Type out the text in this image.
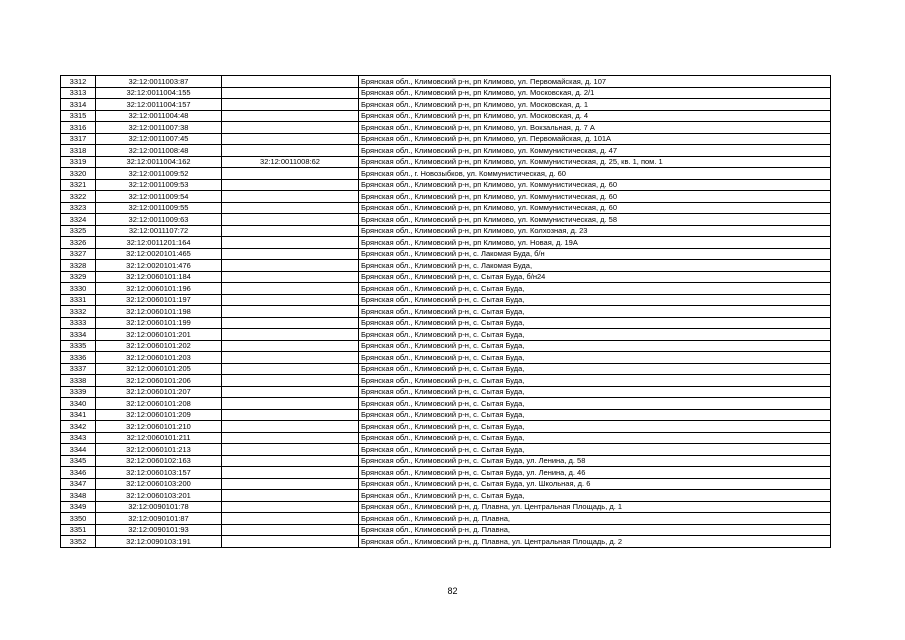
3312	32:12:0011003:87		Брянская обл., Климовский р-н, рп Климово, ул. Первомайская, д. 107
3313	32:12:0011004:155		Брянская обл., Климовский р-н, рп Климово, ул. Московская, д. 2/1
3314	32:12:0011004:157		Брянская обл., Климовский р-н, рп Климово, ул. Московская, д. 1
3315	32:12:0011004:48		Брянская обл., Климовский р-н, рп Климово, ул. Московская, д. 4
3316	32:12:0011007:38		Брянская обл., Климовский р-н, рп Климово, ул. Вокзальная, д. 7 А
3317	32:12:0011007:45		Брянская обл., Климовский р-н, рп Климово, ул. Первомайская, д. 101А
3318	32:12:0011008:48		Брянская обл., Климовский р-н, рп Климово, ул. Коммунистическая, д. 47
3319	32:12:0011004:162	32:12:0011008:62	Брянская обл., Климовский р-н, рп Климово, ул. Коммунистическая, д. 25, кв. 1, пом. 1
3320	32:12:0011009:52		Брянская обл., г. Новозыбков, ул. Коммунистическая, д. 60
3321	32:12:0011009:53		Брянская обл., Климовский р-н, рп Климово, ул. Коммунистическая, д. 60
3322	32:12:0011009:54		Брянская обл., Климовский р-н, рп Климово, ул. Коммунистическая, д. 60
3323	32:12:0011009:55		Брянская обл., Климовский р-н, рп Климово, ул. Коммунистическая, д. 60
3324	32:12:0011009:63		Брянская обл., Климовский р-н, рп Климово, ул. Коммунистическая, д. 58
3325	32:12:0011107:72		Брянская обл., Климовский р-н, рп Климово, ул. Колхозная, д. 23
3326	32:12:0011201:164		Брянская обл., Климовский р-н, рп Климово, ул. Новая, д. 19А
3327	32:12:0020101:465		Брянская обл., Климовский р-н, с. Лакомая Буда, б/н
3328	32:12:0020101:476		Брянская обл., Климовский р-н, с. Лакомая Буда,
3329	32:12:0060101:184		Брянская обл., Климовский р-н, с. Сытая Буда, б/н24
3330	32:12:0060101:196		Брянская обл., Климовский р-н, с. Сытая Буда,
3331	32:12:0060101:197		Брянская обл., Климовский р-н, с. Сытая Буда,
3332	32:12:0060101:198		Брянская обл., Климовский р-н, с. Сытая Буда,
3333	32:12:0060101:199		Брянская обл., Климовский р-н, с. Сытая Буда,
3334	32:12:0060101:201		Брянская обл., Климовский р-н, с. Сытая Буда,
3335	32:12:0060101:202		Брянская обл., Климовский р-н, с. Сытая Буда,
3336	32:12:0060101:203		Брянская обл., Климовский р-н, с. Сытая Буда,
3337	32:12:0060101:205		Брянская обл., Климовский р-н, с. Сытая Буда,
3338	32:12:0060101:206		Брянская обл., Климовский р-н, с. Сытая Буда,
3339	32:12:0060101:207		Брянская обл., Климовский р-н, с. Сытая Буда,
3340	32:12:0060101:208		Брянская обл., Климовский р-н, с. Сытая Буда,
3341	32:12:0060101:209		Брянская обл., Климовский р-н, с. Сытая Буда,
3342	32:12:0060101:210		Брянская обл., Климовский р-н, с. Сытая Буда,
3343	32:12:0060101:211		Брянская обл., Климовский р-н, с. Сытая Буда,
3344	32:12:0060101:213		Брянская обл., Климовский р-н, с. Сытая Буда,
3345	32:12:0060102:163		Брянская обл., Климовский р-н, с. Сытая Буда, ул. Ленина, д. 58
3346	32:12:0060103:157		Брянская обл., Климовский р-н, с. Сытая Буда, ул. Ленина, д. 46
3347	32:12:0060103:200		Брянская обл., Климовский р-н, с. Сытая Буда, ул. Школьная, д. 6
3348	32:12:0060103:201		Брянская обл., Климовский р-н, с. Сытая Буда,
3349	32:12:0090101:78		Брянская обл., Климовский р-н, д. Плавна, ул. Центральная Площадь, д. 1
3350	32:12:0090101:87		Брянская обл., Климовский р-н, д. Плавна,
3351	32:12:0090101:93		Брянская обл., Климовский р-н, д. Плавна,
3352	32:12:0090103:191		Брянская обл., Климовский р-н, д. Плавна, ул. Центральная Площадь, д. 2
82
